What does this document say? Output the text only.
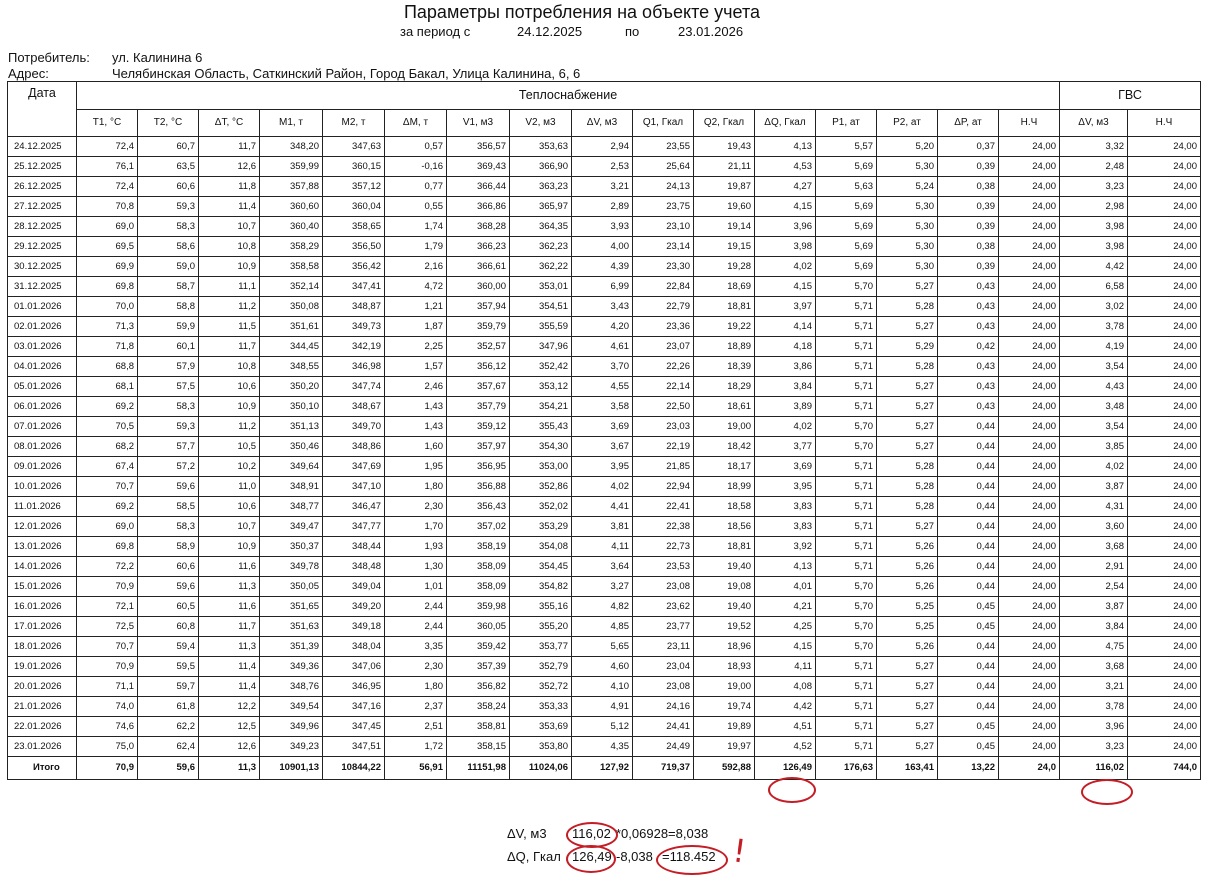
Параметры потребления на объекте учета
за период с	24.12.2025	по	23.01.2026
Потребитель: ул. Калинина 6
Адрес:	Челябинская Область, Саткинский Район, Город Бакал, Улица Калинина, 6, 6
Дата	Теплоснабжение																ГВС	
	T1, °C	T2, °C	ΔT, °C	M1, т	M2, т	ΔM, т	V1, м3	V2, м3	ΔV, м3	Q1, Гкал	Q2, Гкал	ΔQ, Гкал	P1, ат	P2, ат	ΔP, ат	Н.Ч	ΔV, м3	Н.Ч
24.12.2025	72,4	60,7	11,7	348,20	347,63	0,57	356,57	353,63	2,94	23,55	19,43	4,13	5,57	5,20	0,37	24,00	3,32	24,00
25.12.2025	76,1	63,5	12,6	359,99	360,15	-0,16	369,43	366,90	2,53	25,64	21,11	4,53	5,69	5,30	0,39	24,00	2,48	24,00
26.12.2025	72,4	60,6	11,8	357,88	357,12	0,77	366,44	363,23	3,21	24,13	19,87	4,27	5,63	5,24	0,38	24,00	3,23	24,00
27.12.2025	70,8	59,3	11,4	360,60	360,04	0,55	366,86	365,97	2,89	23,75	19,60	4,15	5,69	5,30	0,39	24,00	2,98	24,00
28.12.2025	69,0	58,3	10,7	360,40	358,65	1,74	368,28	364,35	3,93	23,10	19,14	3,96	5,69	5,30	0,39	24,00	3,98	24,00
29.12.2025	69,5	58,6	10,8	358,29	356,50	1,79	366,23	362,23	4,00	23,14	19,15	3,98	5,69	5,30	0,38	24,00	3,98	24,00
30.12.2025	69,9	59,0	10,9	358,58	356,42	2,16	366,61	362,22	4,39	23,30	19,28	4,02	5,69	5,30	0,39	24,00	4,42	24,00
31.12.2025	69,8	58,7	11,1	352,14	347,41	4,72	360,00	353,01	6,99	22,84	18,69	4,15	5,70	5,27	0,43	24,00	6,58	24,00
01.01.2026	70,0	58,8	11,2	350,08	348,87	1,21	357,94	354,51	3,43	22,79	18,81	3,97	5,71	5,28	0,43	24,00	3,02	24,00
02.01.2026	71,3	59,9	11,5	351,61	349,73	1,87	359,79	355,59	4,20	23,36	19,22	4,14	5,71	5,27	0,43	24,00	3,78	24,00
03.01.2026	71,8	60,1	11,7	344,45	342,19	2,25	352,57	347,96	4,61	23,07	18,89	4,18	5,71	5,29	0,42	24,00	4,19	24,00
04.01.2026	68,8	57,9	10,8	348,55	346,98	1,57	356,12	352,42	3,70	22,26	18,39	3,86	5,71	5,28	0,43	24,00	3,54	24,00
05.01.2026	68,1	57,5	10,6	350,20	347,74	2,46	357,67	353,12	4,55	22,14	18,29	3,84	5,71	5,27	0,43	24,00	4,43	24,00
06.01.2026	69,2	58,3	10,9	350,10	348,67	1,43	357,79	354,21	3,58	22,50	18,61	3,89	5,71	5,27	0,43	24,00	3,48	24,00
07.01.2026	70,5	59,3	11,2	351,13	349,70	1,43	359,12	355,43	3,69	23,03	19,00	4,02	5,70	5,27	0,44	24,00	3,54	24,00
08.01.2026	68,2	57,7	10,5	350,46	348,86	1,60	357,97	354,30	3,67	22,19	18,42	3,77	5,70	5,27	0,44	24,00	3,85	24,00
09.01.2026	67,4	57,2	10,2	349,64	347,69	1,95	356,95	353,00	3,95	21,85	18,17	3,69	5,71	5,28	0,44	24,00	4,02	24,00
10.01.2026	70,7	59,6	11,0	348,91	347,10	1,80	356,88	352,86	4,02	22,94	18,99	3,95	5,71	5,28	0,44	24,00	3,87	24,00
11.01.2026	69,2	58,5	10,6	348,77	346,47	2,30	356,43	352,02	4,41	22,41	18,58	3,83	5,71	5,28	0,44	24,00	4,31	24,00
12.01.2026	69,0	58,3	10,7	349,47	347,77	1,70	357,02	353,29	3,81	22,38	18,56	3,83	5,71	5,27	0,44	24,00	3,60	24,00
13.01.2026	69,8	58,9	10,9	350,37	348,44	1,93	358,19	354,08	4,11	22,73	18,81	3,92	5,71	5,26	0,44	24,00	3,68	24,00
14.01.2026	72,2	60,6	11,6	349,78	348,48	1,30	358,09	354,45	3,64	23,53	19,40	4,13	5,71	5,26	0,44	24,00	2,91	24,00
15.01.2026	70,9	59,6	11,3	350,05	349,04	1,01	358,09	354,82	3,27	23,08	19,08	4,01	5,70	5,26	0,44	24,00	2,54	24,00
16.01.2026	72,1	60,5	11,6	351,65	349,20	2,44	359,98	355,16	4,82	23,62	19,40	4,21	5,70	5,25	0,45	24,00	3,87	24,00
17.01.2026	72,5	60,8	11,7	351,63	349,18	2,44	360,05	355,20	4,85	23,77	19,52	4,25	5,70	5,25	0,45	24,00	3,84	24,00
18.01.2026	70,7	59,4	11,3	351,39	348,04	3,35	359,42	353,77	5,65	23,11	18,96	4,15	5,70	5,26	0,44	24,00	4,75	24,00
19.01.2026	70,9	59,5	11,4	349,36	347,06	2,30	357,39	352,79	4,60	23,04	18,93	4,11	5,71	5,27	0,44	24,00	3,68	24,00
20.01.2026	71,1	59,7	11,4	348,76	346,95	1,80	356,82	352,72	4,10	23,08	19,00	4,08	5,71	5,27	0,44	24,00	3,21	24,00
21.01.2026	74,0	61,8	12,2	349,54	347,16	2,37	358,24	353,33	4,91	24,16	19,74	4,42	5,71	5,27	0,44	24,00	3,78	24,00
22.01.2026	74,6	62,2	12,5	349,96	347,45	2,51	358,81	353,69	5,12	24,41	19,89	4,51	5,71	5,27	0,45	24,00	3,96	24,00
23.01.2026	75,0	62,4	12,6	349,23	347,51	1,72	358,15	353,80	4,35	24,49	19,97	4,52	5,71	5,27	0,45	24,00	3,23	24,00
Итого	70,9	59,6	11,3	10901,13	10844,22	56,91	11151,98	11024,06	127,92	719,37	592,88	126,49	176,63	163,41	13,22	24,0	116,02	744,0
ΔV, м3 116,02 *0,06928=8,038
ΔQ, Гкал 126,49 -8,038 =118.452 !
